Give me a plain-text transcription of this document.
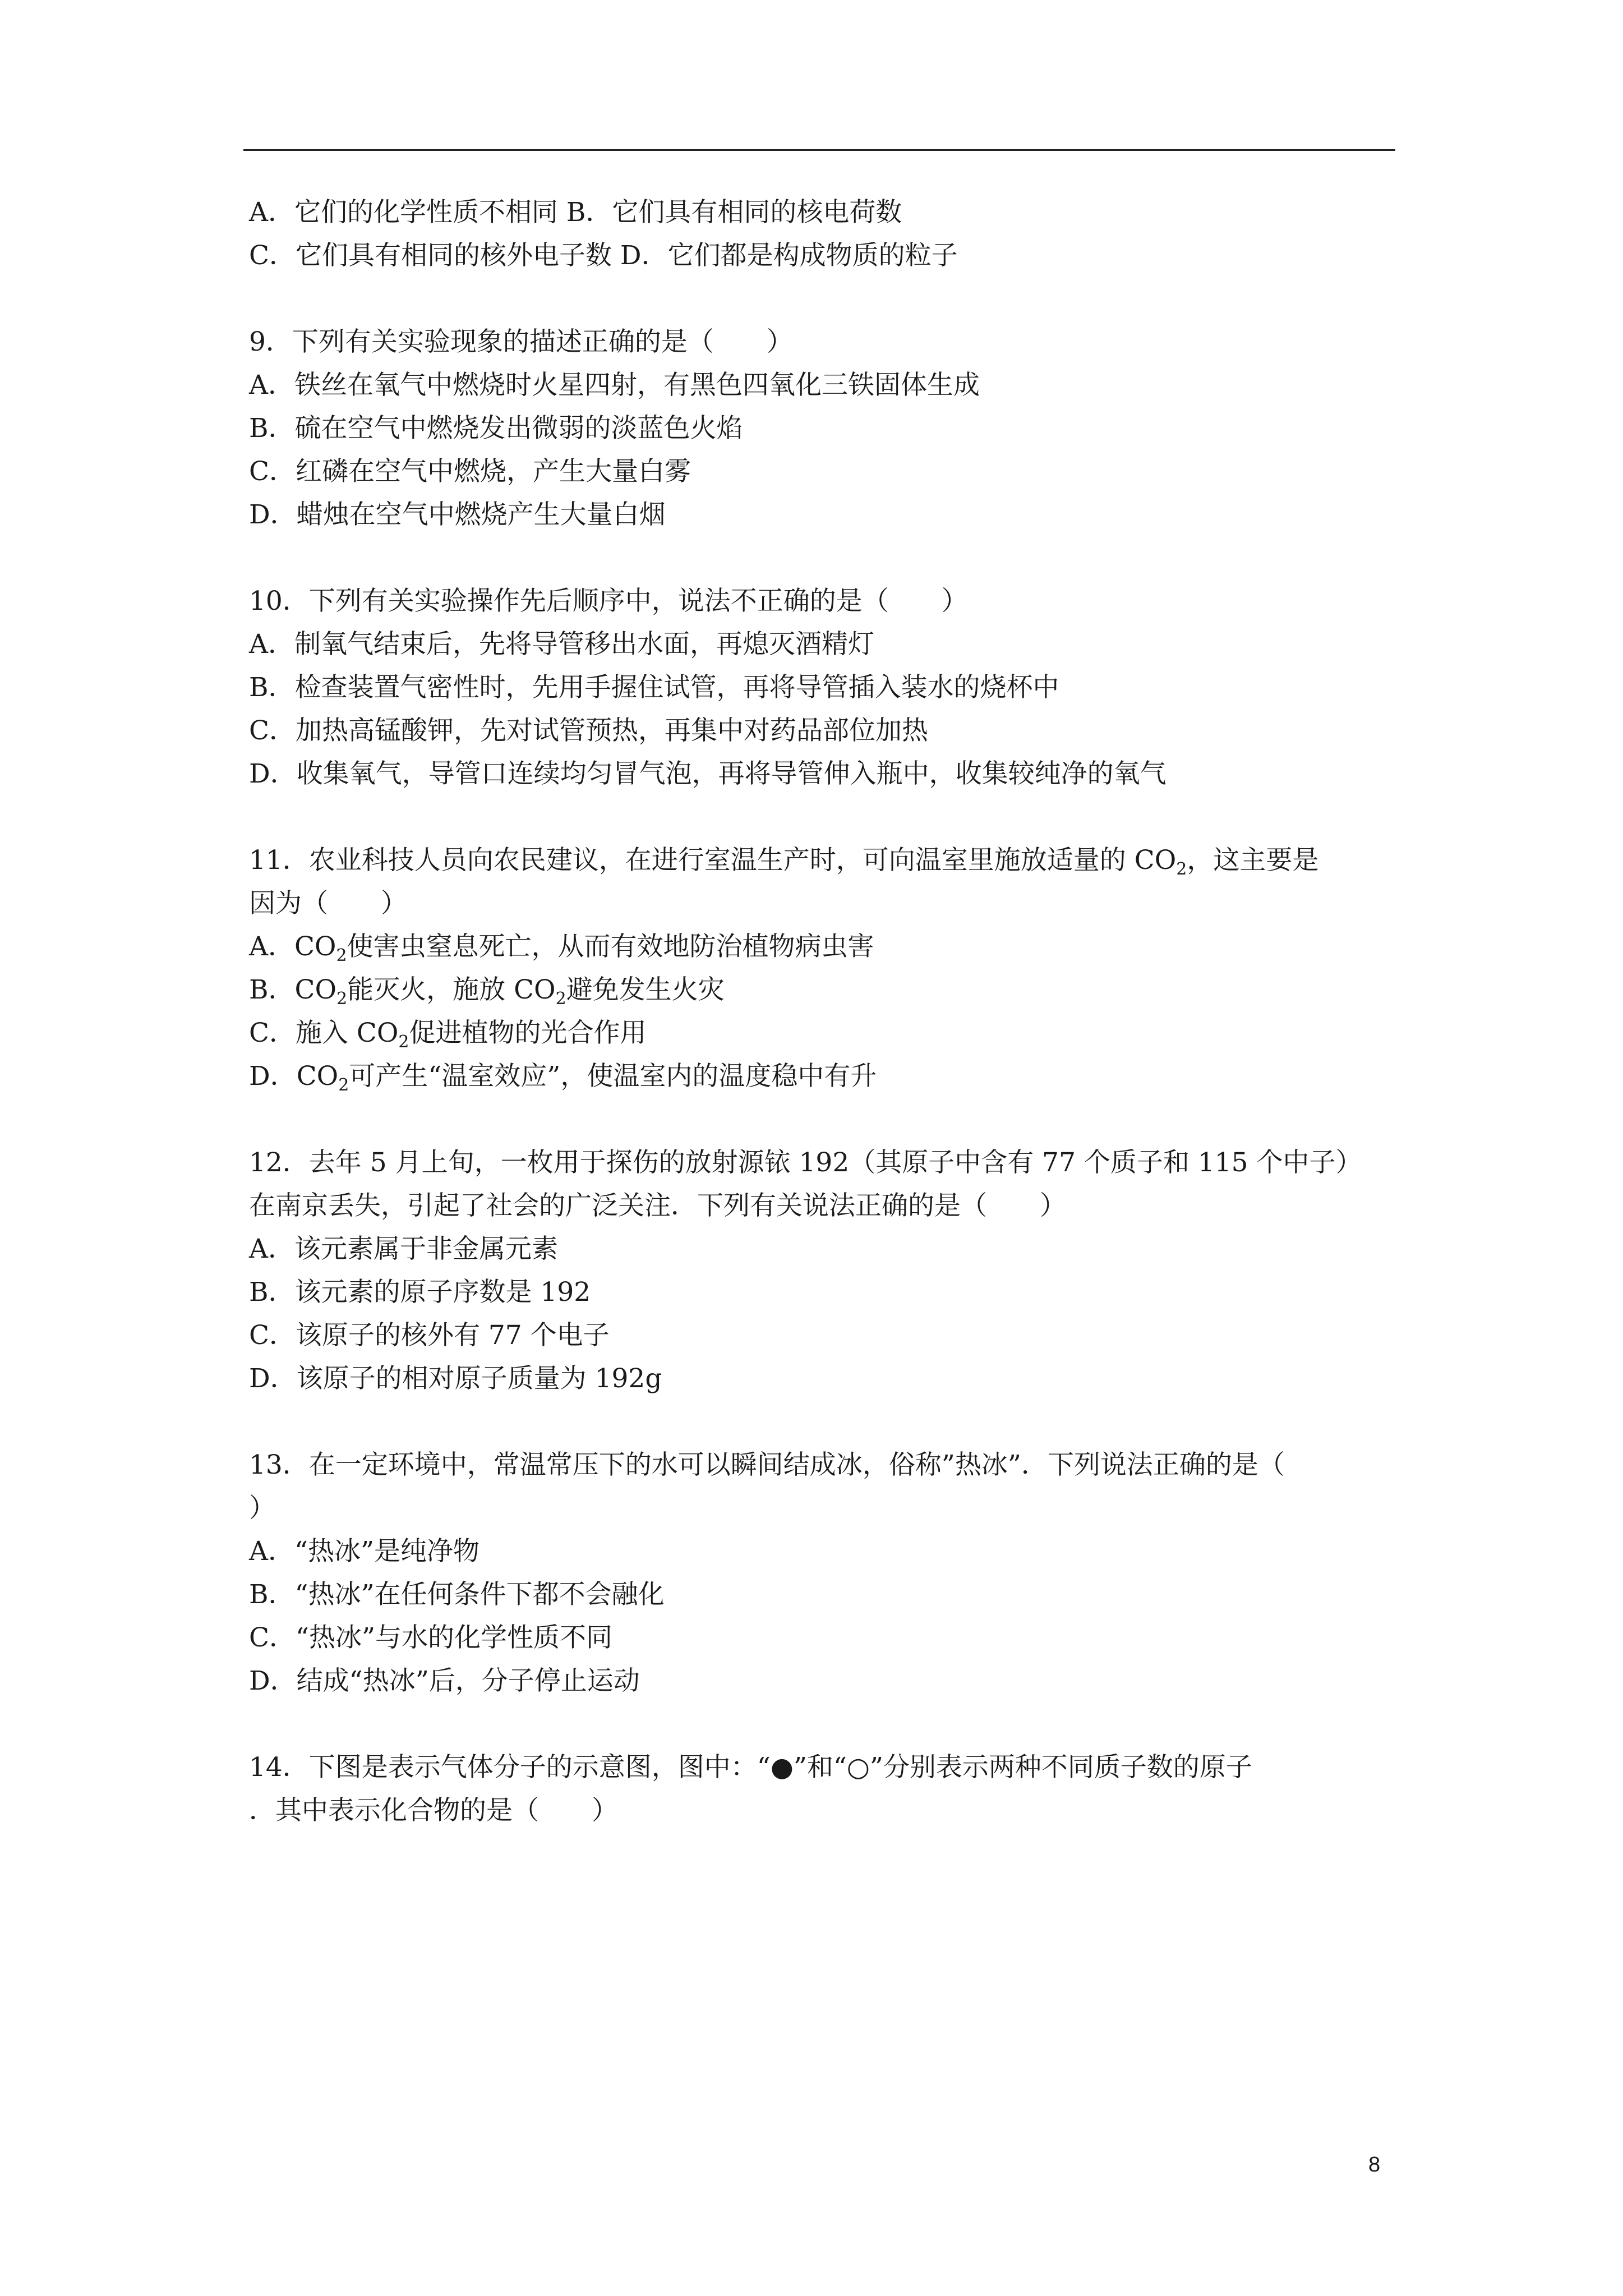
A．它们的化学性质不相同 B．它们具有相同的核电荷数
C．它们具有相同的核外电子数 D．它们都是构成物质的粒子
9．下列有关实验现象的描述正确的是（　　）
A．铁丝在氧气中燃烧时火星四射，有黑色四氧化三铁固体生成
B．硫在空气中燃烧发出微弱的淡蓝色火焰
C．红磷在空气中燃烧，产生大量白雾
D．蜡烛在空气中燃烧产生大量白烟
10．下列有关实验操作先后顺序中，说法不正确的是（　　）
A．制氧气结束后，先将导管移出水面，再熄灭酒精灯
B．检查装置气密性时，先用手握住试管，再将导管插入装水的烧杯中
C．加热高锰酸钾，先对试管预热，再集中对药品部位加热
D．收集氧气，导管口连续均匀冒气泡，再将导管伸入瓶中，收集较纯净的氧气
11．农业科技人员向农民建议，在进行室温生产时，可向温室里施放适量的 $CO_2$，这主要是
因为（　　）
A．$CO_2$使害虫窒息死亡，从而有效地防治植物病虫害
B．$CO_2$能灭火，施放 $CO_2$避免发生火灾
C．施入 $CO_2$促进植物的光合作用
D．$CO_2$可产生“温室效应”，使温室内的温度稳中有升
12．去年 5 月上旬，一枚用于探伤的放射源铱 192（其原子中含有 77 个质子和 115 个中子）
在南京丢失，引起了社会的广泛关注．下列有关说法正确的是（　　）
A．该元素属于非金属元素
B．该元素的原子序数是 192
C．该原子的核外有 77 个电子
D．该原子的相对原子质量为 192g
13．在一定环境中，常温常压下的水可以瞬间结成冰，俗称”热冰”．下列说法正确的是（
）
A．“热冰”是纯净物
B．“热冰”在任何条件下都不会融化
C．“热冰”与水的化学性质不同
D．结成“热冰”后，分子停止运动
14．下图是表示气体分子的示意图，图中：“●”和“○”分别表示两种不同质子数的原子
．其中表示化合物的是（　　）
8
